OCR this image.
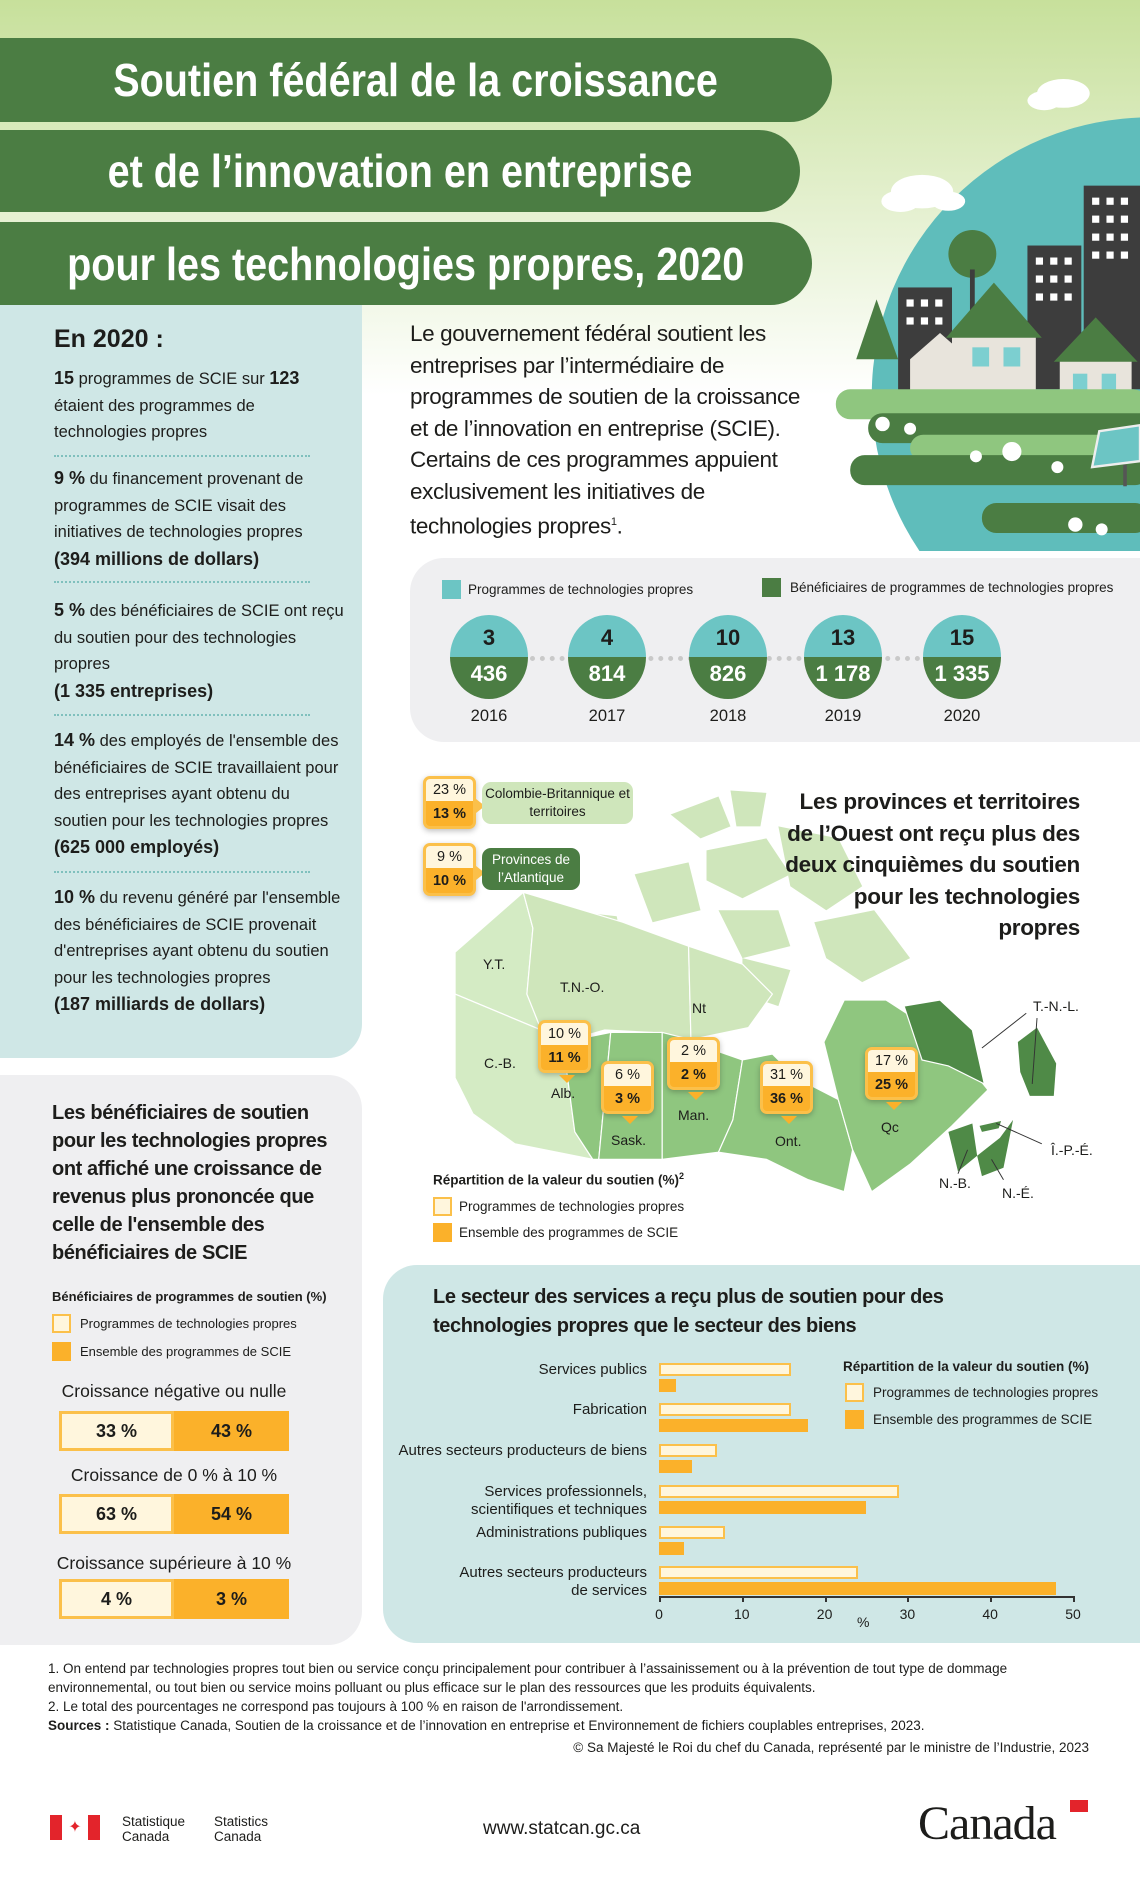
Soutien fédéral de la croissance
et de l’innovation en entreprise
pour les technologies propres, 2020
En 2020 :
15 programmes de SCIE sur 123 étaient des programmes de technologies propres
9 % du financement provenant de programmes de SCIE visait des initiatives de technologies propres
(394 millions de dollars)
5 % des bénéficiaires de SCIE ont reçu du soutien pour des technologies propres
(1 335 entreprises)
14 % des employés de l'ensemble des bénéficiaires de SCIE travaillaient pour des entreprises ayant obtenu du soutien pour les technologies propres
(625 000 employés)
10 % du revenu généré par l'ensemble des bénéficiaires de SCIE provenait d'entreprises ayant obtenu du soutien pour les technologies propres
(187 milliards de dollars)
Le gouvernement fédéral soutient les
entreprises par l’intermédiaire de
programmes de soutien de la croissance
et de l’innovation en entreprise (SCIE).
Certains de ces programmes appuient
exclusivement les initiatives de
technologies propres$^1$.
Programmes de technologies propres	Bénéficiaires de programmes de technologies propres
3
436
4
814
10
826
13
1 178
15
1 335
2016	2017	2018	2019	2020
Les provinces et territoires
de l’Ouest ont reçu plus des
deux cinquièmes du soutien
pour les technologies
propres
23 %
13 %
Colombie-Britannique et territoires
9 %
10 %
Provinces de l’Atlantique
10 %
11 %
6 %
3 %
2 %
2 %	31 %
36 %
17 %
25 %
Y.T.
T.N.-O.
Nt
C.-B.
Alb.
Sask.
Man.
Ont.
Qc
T.-N.-L.
Î.-P.-É.
N.-B.
N.-É.
Répartition de la valeur du soutien (%)$^2$
Programmes de technologies propres
Ensemble des programmes de SCIE
Les bénéficiaires de soutien
pour les technologies propres
ont affiché une croissance de
revenus plus prononcée que
celle de l'ensemble des
bénéficiaires de SCIE
Bénéficiaires de programmes de soutien (%)
Programmes de technologies propres
Ensemble des programmes de SCIE
Croissance négative ou nulle
33 %	43 %
Croissance de 0 % à 10 %
63 %	54 %
Croissance supérieure à 10 %
4 %	3 %
Le secteur des services a reçu plus de soutien pour des
technologies propres que le secteur des biens
Répartition de la valeur du soutien (%)
Programmes de technologies propres
Ensemble des programmes de SCIE
Services publics
Fabrication
Autres secteurs producteurs de biens
Services professionnels,
scientifiques et techniques
Administrations publiques
Autres secteurs producteurs
de services
0	10	20	30	40	50
%
1. On entend par technologies propres tout bien ou service conçu principalement pour contribuer à l’assainissement ou à la prévention de tout type de dommage
environnemental, ou tout bien ou service moins polluant ou plus efficace sur le plan des ressources que les produits équivalents.
2. Le total des pourcentages ne correspond pas toujours à 100 % en raison de l'arrondissement.
Sources : Statistique Canada, Soutien de la croissance et de l’innovation en entreprise et Environnement de fichiers couplables entreprises, 2023.
© Sa Majesté le Roi du chef du Canada, représenté par le ministre de l’Industrie, 2023
✦	Statistique
Canada
Statistics
Canada	www.statcan.gc.ca	Canada
